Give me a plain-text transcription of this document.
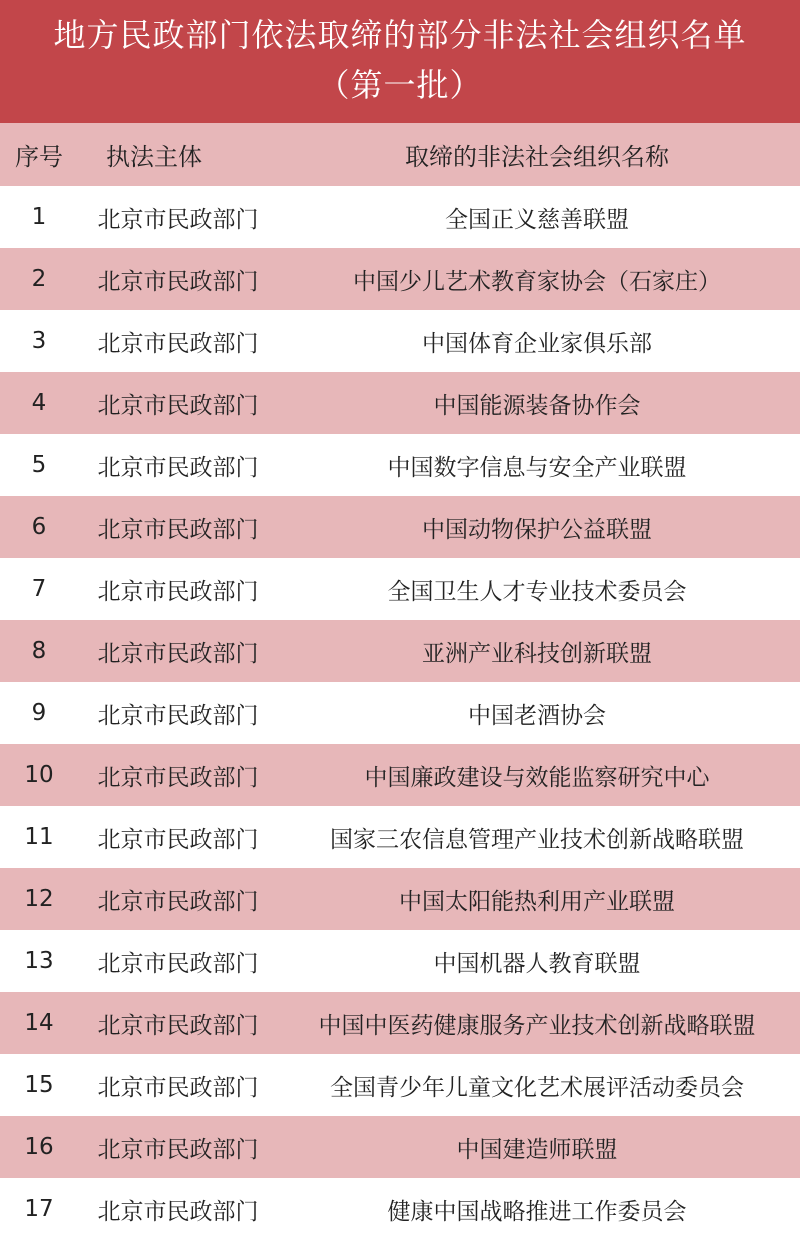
地方民政部门依法取缔的部分非法社会组织名单
（第一批）
序号	执法主体	取缔的非法社会组织名称
1	北京市民政部门	全国正义慈善联盟
2	北京市民政部门	中国少儿艺术教育家协会（石家庄）
3	北京市民政部门	中国体育企业家俱乐部
4	北京市民政部门	中国能源装备协作会
5	北京市民政部门	中国数字信息与安全产业联盟
6	北京市民政部门	中国动物保护公益联盟
7	北京市民政部门	全国卫生人才专业技术委员会
8	北京市民政部门	亚洲产业科技创新联盟
9	北京市民政部门	中国老酒协会
10	北京市民政部门	中国廉政建设与效能监察研究中心
11	北京市民政部门	国家三农信息管理产业技术创新战略联盟
12	北京市民政部门	中国太阳能热利用产业联盟
13	北京市民政部门	中国机器人教育联盟
14	北京市民政部门	中国中医药健康服务产业技术创新战略联盟
15	北京市民政部门	全国青少年儿童文化艺术展评活动委员会
16	北京市民政部门	中国建造师联盟
17	北京市民政部门	健康中国战略推进工作委员会
